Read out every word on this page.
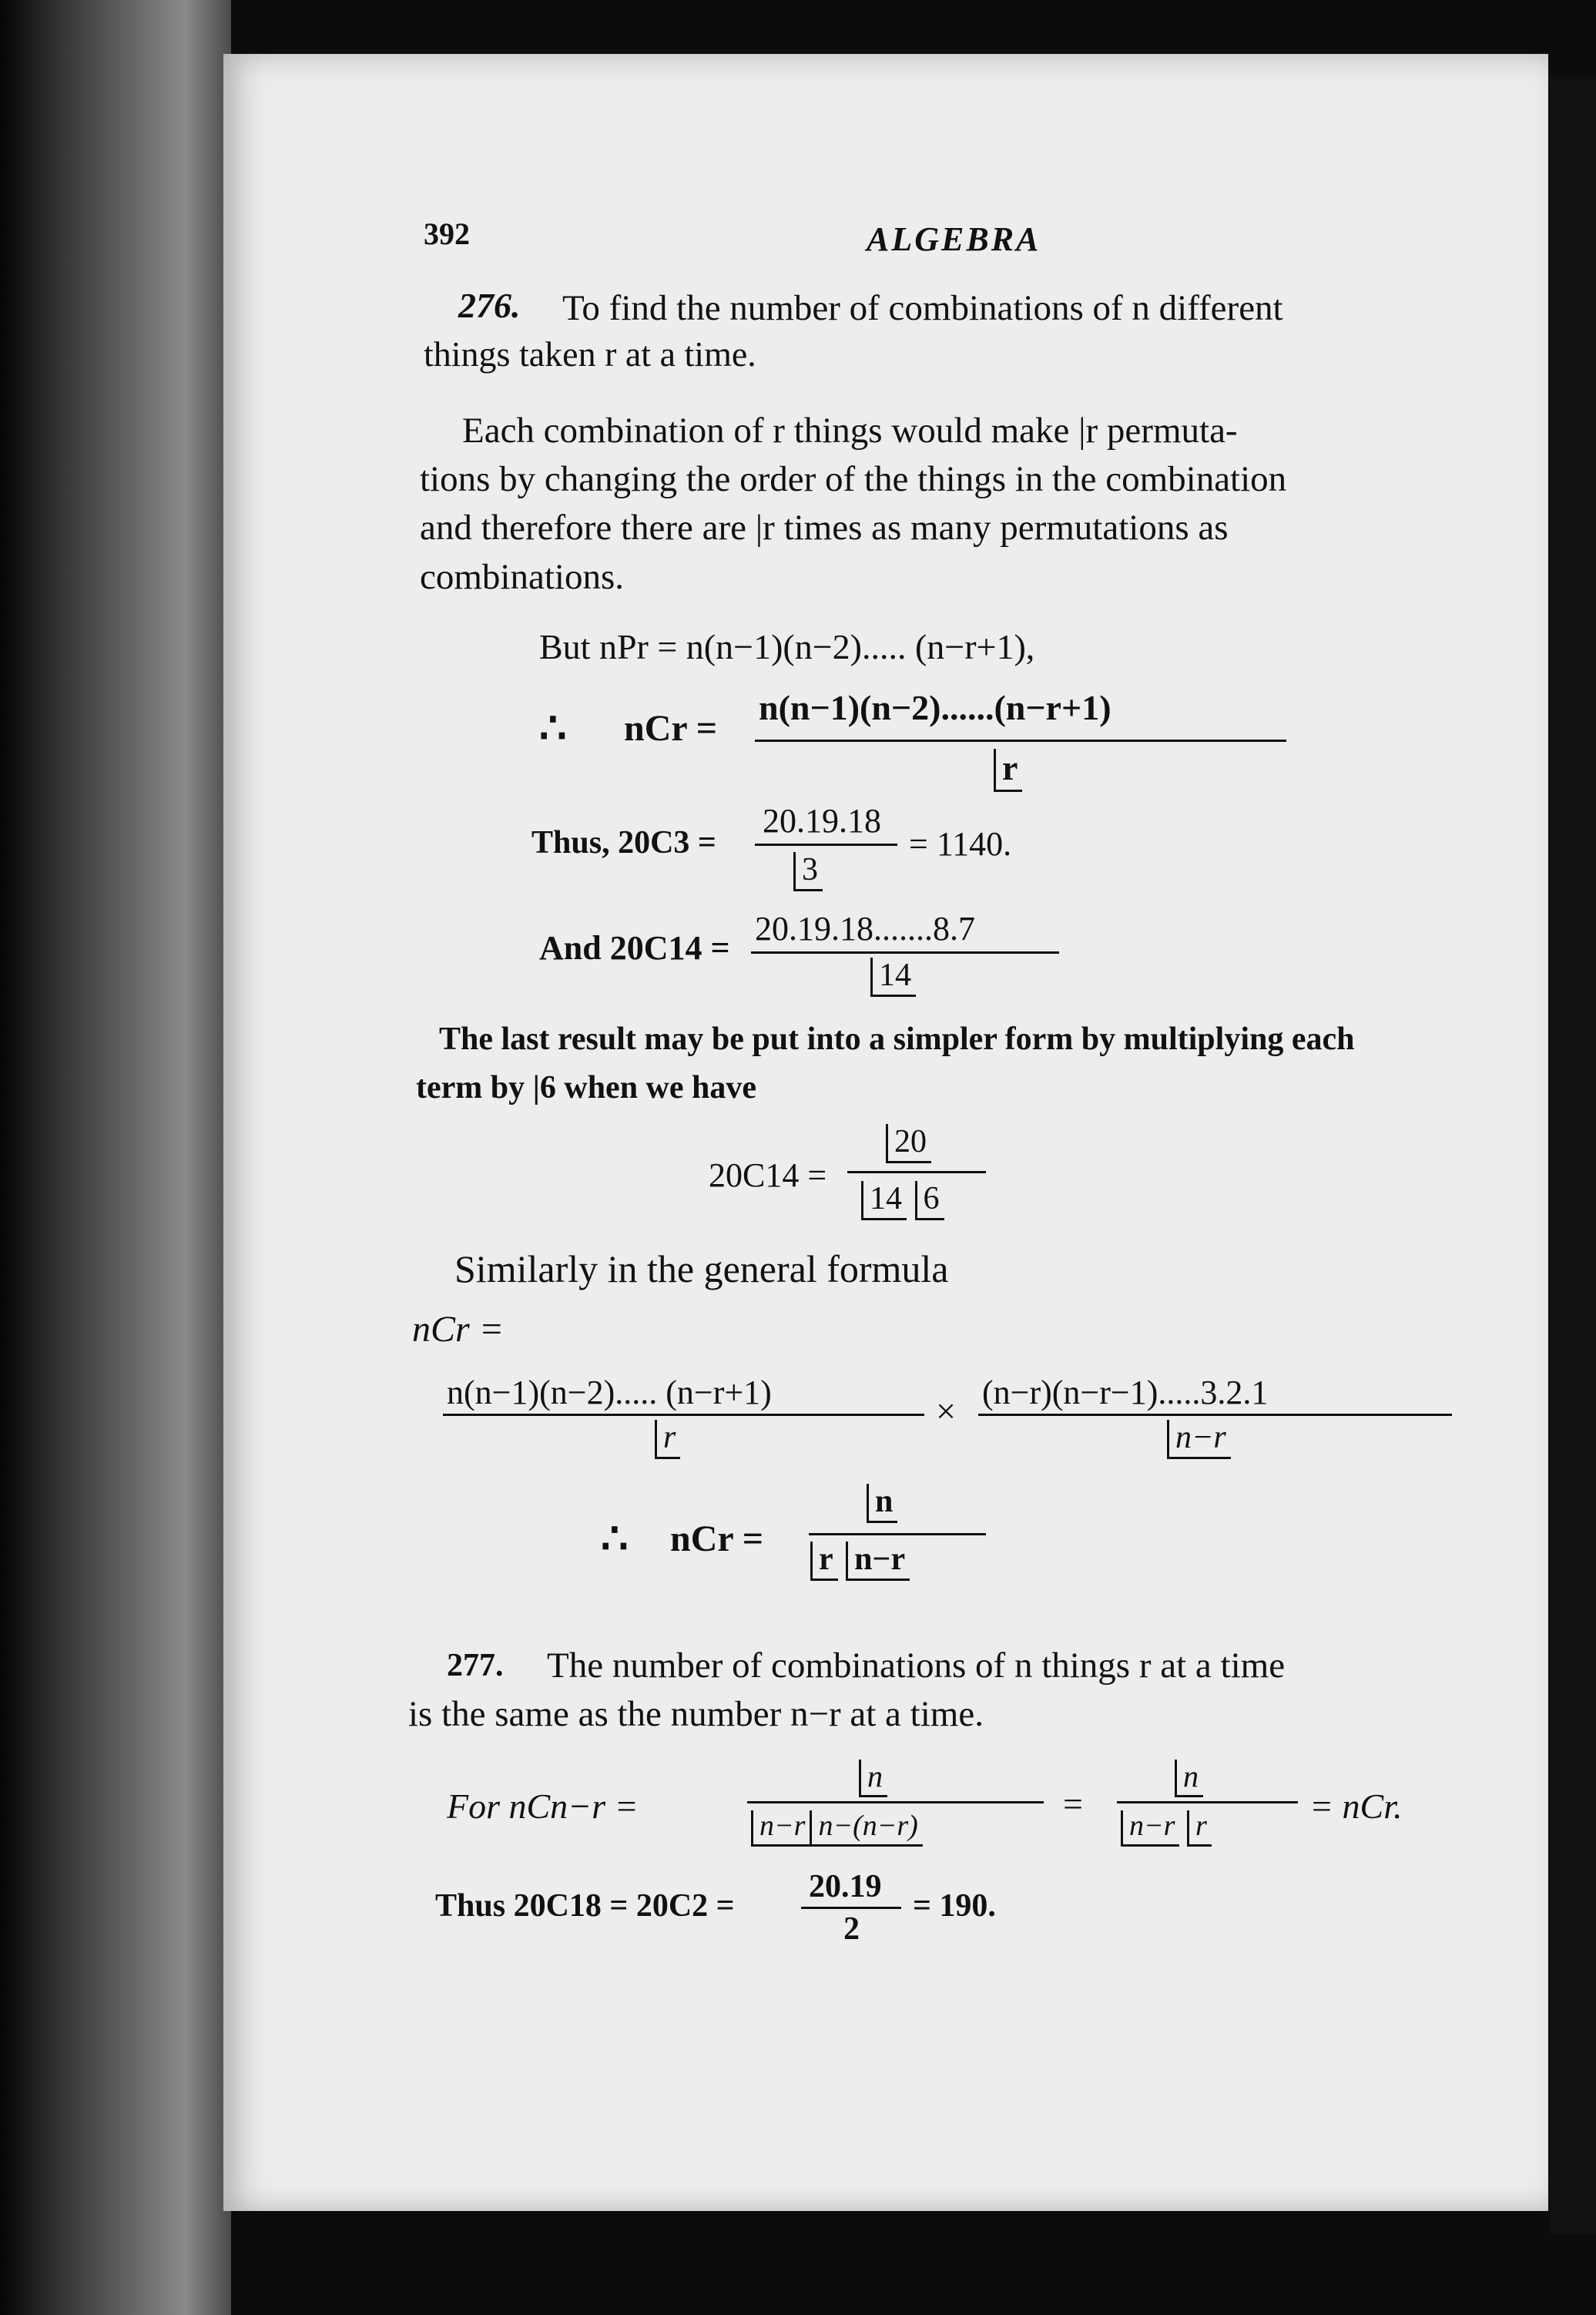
392	ALGEBRA
276. To find the number of combinations of n different
things taken r at a time.
Each combination of r things would make |r permuta-
tions by changing the order of the things in the combination
and therefore there are |r times as many permutations as
combinations.
But nPr = n(n−1)(n−2)..... (n−r+1),
∴ nCr =
n(n−1)(n−2)......(n−r+1)
r
Thus, 20C3 =
20.19.18
3
= 1140.
And 20C14 =
20.19.18.......8.7
14
The last result may be put into a simpler form by multiplying each
term by |6 when we have
20C14 =
20
14 6
Similarly in the general formula
nCr =
n(n−1)(n−2)..... (n−r+1)
r
× (n−r)(n−r−1).....3.2.1
n−r
∴ nCr =
n
r n−r
277. The number of combinations of n things r at a time
is the same as the number n−r at a time.
For nCn−r =
n
n−r n−(n−r)
=
n
n−r r	= nCr.
Thus 20C18 = 20C2 =
20.19
2
= 190.
